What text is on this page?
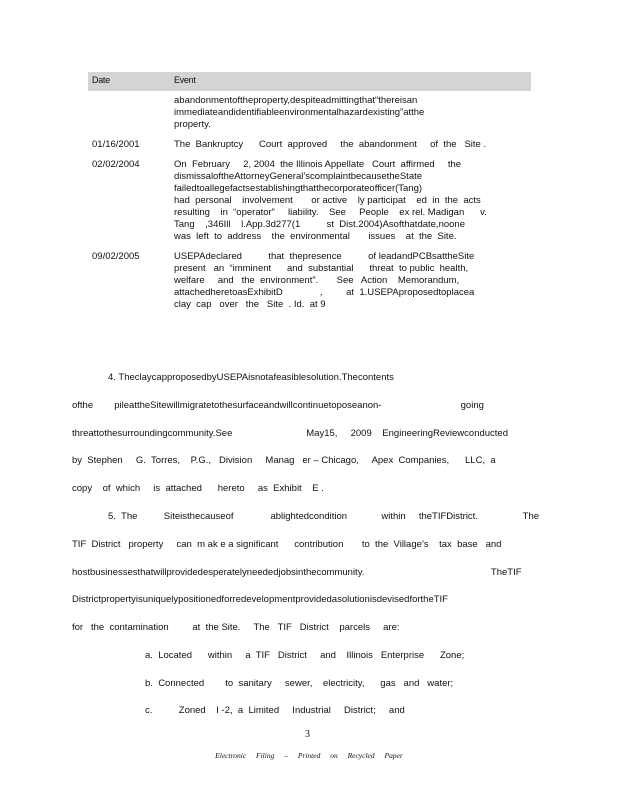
Date	Event
abandonmentoftheproperty,despiteadmittingthat“thereisan
immediateandidentifiableenvironmentalhazardexisting”atthe
property.
01/16/2001	The  Bankruptcy      Court  approved     the  abandonment     of  the   Site .
02/02/2004	On  February     2, 2004  the Illinois Appellate   Court  affirmed     the
dismissaloftheAttorneyGeneral’scomplaintbecausetheState
failedtoallegefactsestablishingthatthecorporateofficer(Tang)
had  personal    involvement       or active    ly participat    ed  in  the  acts
resulting    in  “operator”     liability.    See     People    ex rel. Madigan      v.
Tang    ,346Ill    l.App.3d277(1          st  Dist.2004)Asofthatdate,noone
was  left  to  address    the  environmental       issues    at  the  Site.
09/02/2005	USEPAdeclared          that  thepresence          of leadandPCBsattheSite
present   an  “imminent      and  substantial      threat  to public  health,
welfare     and   the  environment”.       See   Action    Memorandum,
attachedheretoasExhibitD              ,         at  1.USEPAproposedtoplacea
clay  cap   over   the   Site  . Id.  at 9
4. TheclaycapproposedbyUSEPAisnotafeasiblesolution.Thecontents
ofthe        pileattheSitewillmigratetothesurfaceandwillcontinuetoposeanon-                              going
threattothesurroundingcommunity.See                            May15,     2009    EngineeringReviewconducted
by  Stephen     G.  Torres,    P.G.,   Division     Manag   er – Chicago,     Apex  Companies,      LLC,  a
copy    of  which     is  attached      hereto     as  Exhibit    E .
5.  The          Siteisthecauseof              ablightedcondition             within     theTIFDistrict.                 The
TIF  District   property     can  m ak e a significant      contribution       to  the  Village’s    tax  base   and
hostbusinessesthatwillprovidedesperatelyneededjobsinthecommunity.                                                TheTIF
DistrictpropertyisuniquelypositionedforredevelopmentprovidedasolutionisdevisedfortheTIF
for   the  contamination         at  the Site.     The   TIF   District    parcels     are:
a.  Located      within     a  TIF   District     and    Illinois   Enterprise      Zone;
b.  Connected        to  sanitary     sewer,    electricity,      gas   and   water;
c.          Zoned    I -2,  a  Limited     Industrial     District;     and
3
Electronic Filing – Printed on Recycled Paper
